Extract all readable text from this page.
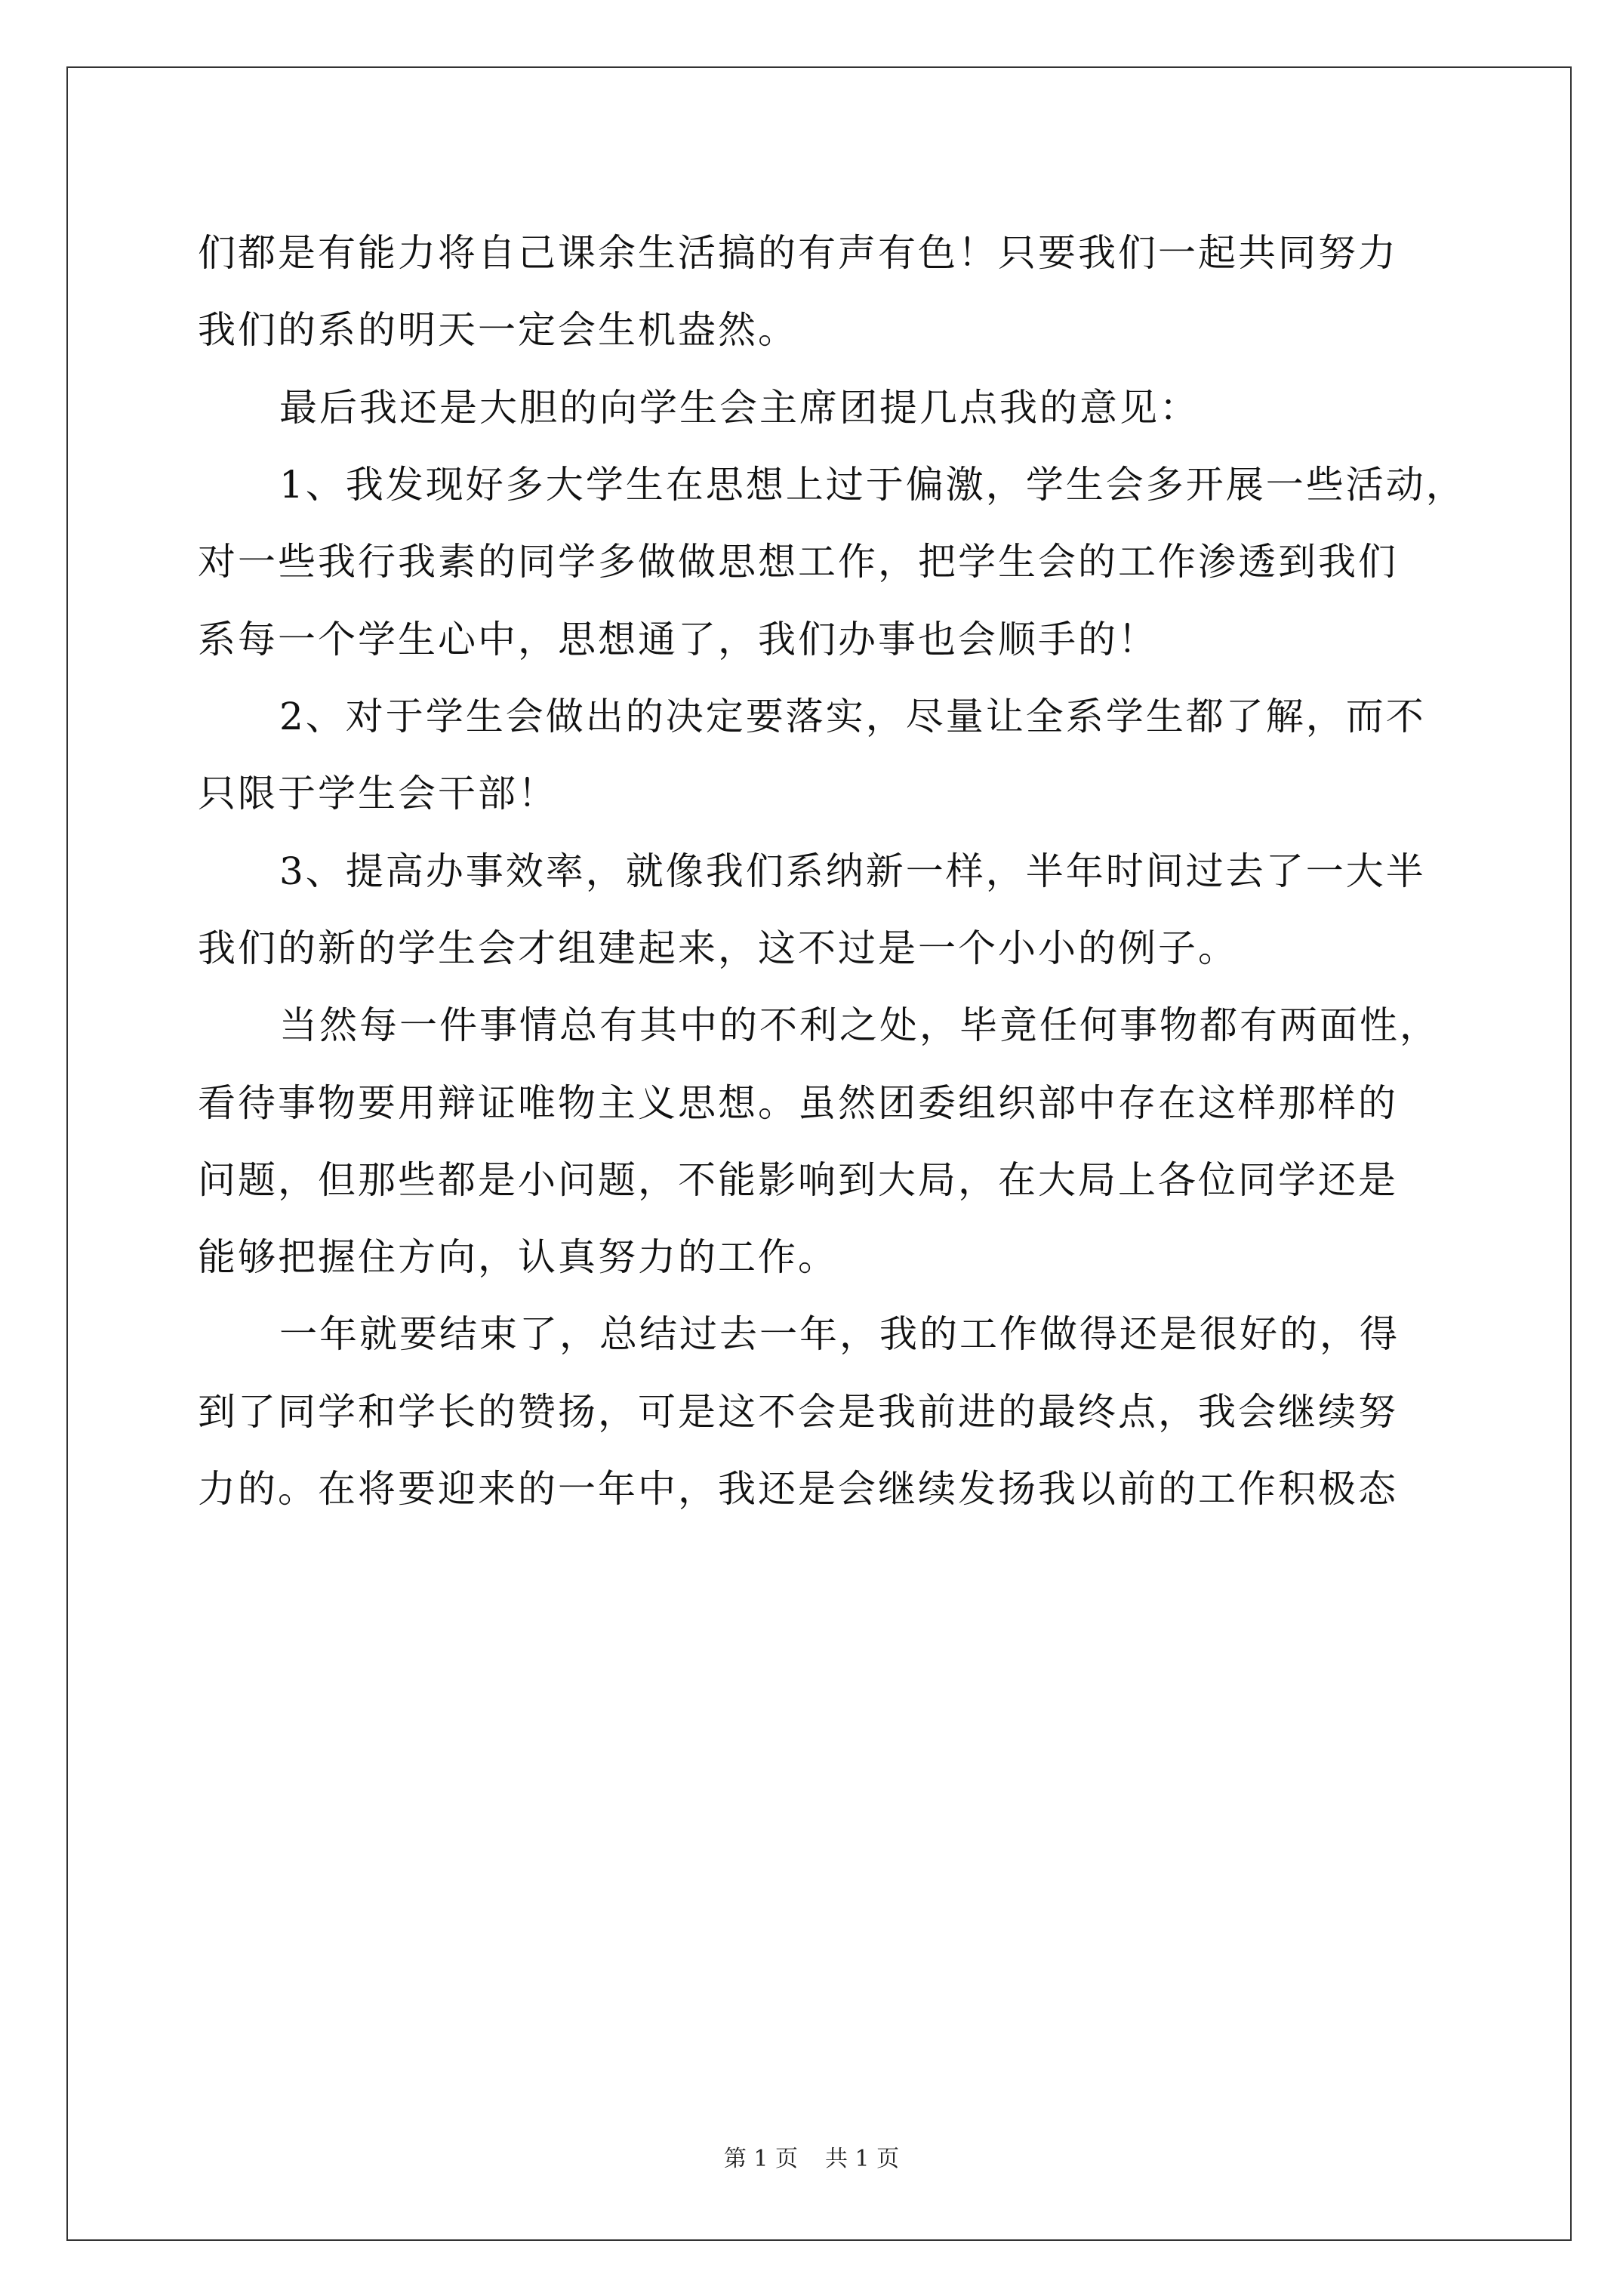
们都是有能力将自己课余生活搞的有声有色！只要我们一起共同努力
我们的系的明天一定会生机盎然。
最后我还是大胆的向学生会主席团提几点我的意见：
1、我发现好多大学生在思想上过于偏激，学生会多开展一些活动，
对一些我行我素的同学多做做思想工作，把学生会的工作渗透到我们
系每一个学生心中，思想通了，我们办事也会顺手的！
2、对于学生会做出的决定要落实，尽量让全系学生都了解，而不
只限于学生会干部！
3、提高办事效率，就像我们系纳新一样，半年时间过去了一大半
我们的新的学生会才组建起来，这不过是一个小小的例子。
当然每一件事情总有其中的不利之处，毕竟任何事物都有两面性，
看待事物要用辩证唯物主义思想。虽然团委组织部中存在这样那样的
问题，但那些都是小问题，不能影响到大局，在大局上各位同学还是
能够把握住方向，认真努力的工作。
一年就要结束了，总结过去一年，我的工作做得还是很好的，得
到了同学和学长的赞扬，可是这不会是我前进的最终点，我会继续努
力的。在将要迎来的一年中，我还是会继续发扬我以前的工作积极态
第 1 页 共 1 页
